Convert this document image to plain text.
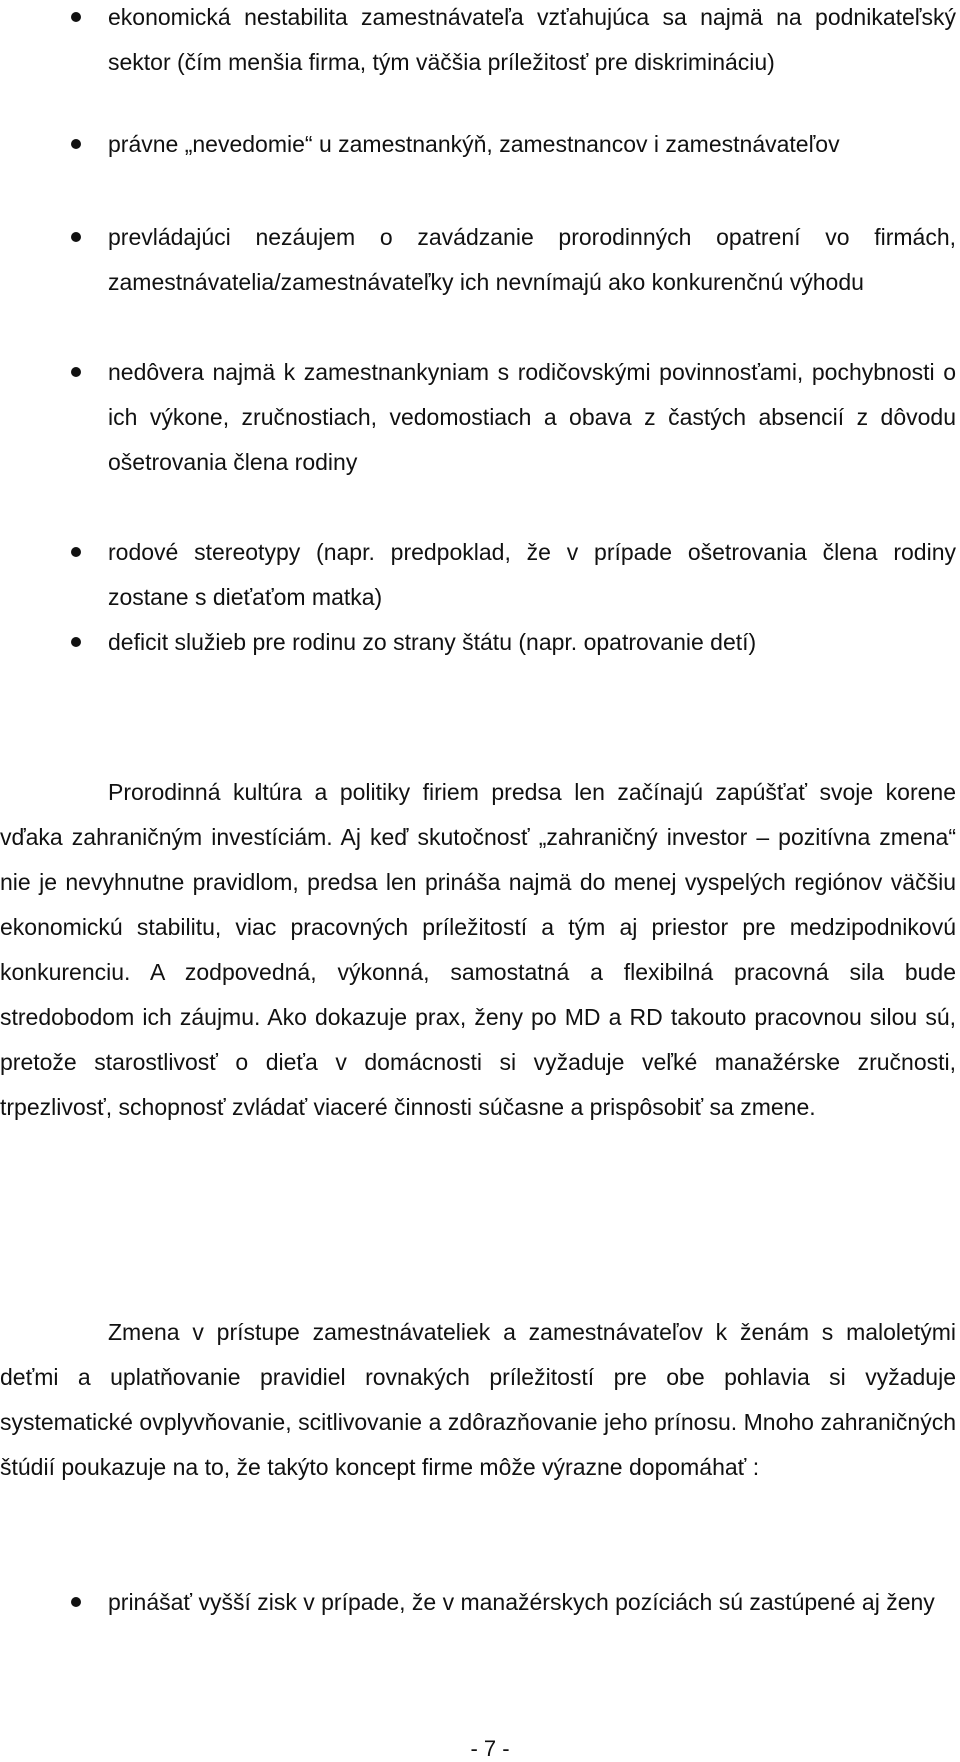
ekonomická nestabilita zamestnávateľa vzťahujúca sa najmä na podnikateľský sektor (čím menšia firma, tým väčšia príležitosť pre diskrimináciu)
právne „nevedomie“ u zamestnankýň, zamestnancov i zamestnávateľov
prevládajúci nezáujem o zavádzanie prorodinných opatrení vo firmách, zamestnávatelia/zamestnávateľky ich nevnímajú ako konkurenčnú výhodu
nedôvera najmä k zamestnankyniam s rodičovskými povinnosťami, pochybnosti o ich výkone, zručnostiach, vedomostiach a obava z častých absencií z dôvodu ošetrovania člena rodiny
rodové stereotypy (napr. predpoklad, že v prípade ošetrovania člena rodiny zostane s dieťaťom matka)
deficit služieb pre rodinu zo strany štátu (napr. opatrovanie detí)

Prorodinná kultúra a politiky firiem predsa len začínajú zapúšťať svoje korene vďaka zahraničným investíciám. Aj keď skutočnosť „zahraničný investor – pozitívna zmena“ nie je nevyhnutne pravidlom, predsa len prináša najmä do menej vyspelých regiónov väčšiu ekonomickú stabilitu, viac pracovných príležitostí a tým aj priestor pre medzipodnikovú konkurenciu. A zodpovedná, výkonná, samostatná a flexibilná pracovná sila bude stredobodom ich záujmu. Ako dokazuje prax, ženy po MD a RD takouto pracovnou silou sú, pretože starostlivosť o dieťa v domácnosti si vyžaduje veľké manažérske zručnosti, trpezlivosť, schopnosť zvládať viaceré činnosti súčasne a prispôsobiť sa zmene.

Zmena v prístupe zamestnávateliek a zamestnávateľov k ženám s maloletými deťmi a uplatňovanie pravidiel rovnakých príležitostí pre obe pohlavia si vyžaduje systematické ovplyvňovanie, scitlivovanie a zdôrazňovanie jeho prínosu. Mnoho zahraničných štúdií poukazuje na to, že takýto koncept firme môže výrazne dopomáhať :

prinášať vyšší zisk v prípade, že v manažérskych pozíciách sú zastúpené aj ženy
- 7 -
